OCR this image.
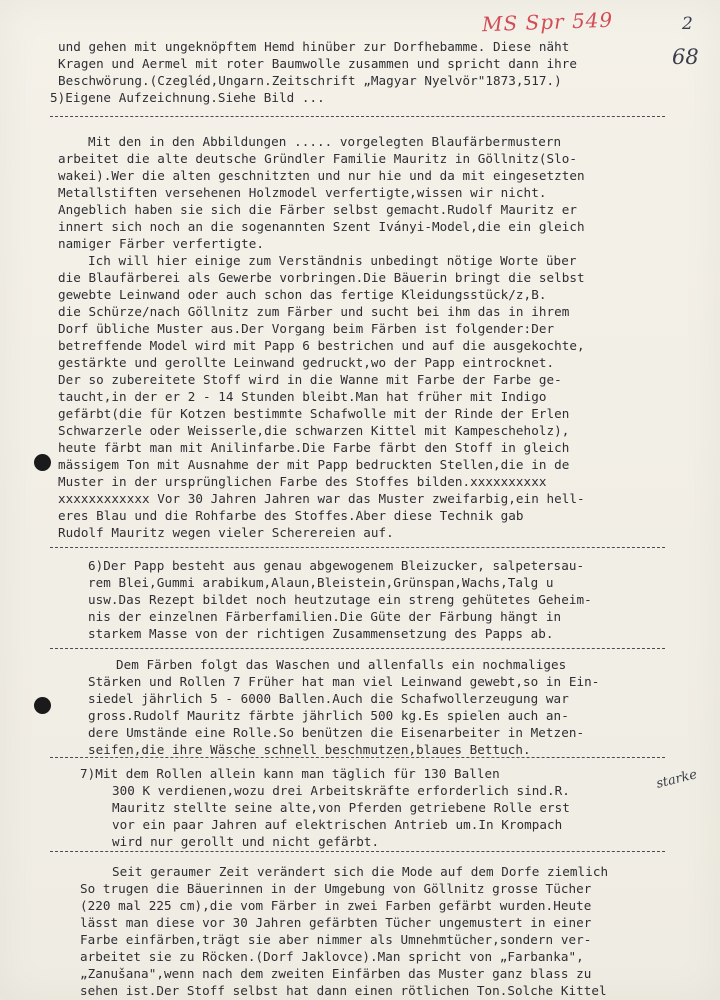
MS Spr 549	2
68
starke
und gehen mit ungeknöpftem Hemd hinüber zur Dorfhebamme. Diese näht
Kragen und Aermel mit roter Baumwolle zusammen und spricht dann ihre
Beschwörung.(Czegléd,Ungarn.Zeitschrift „Magyar Nyelvör"1873,517.)
5)Eigene Aufzeichnung.Siehe Bild ...
Mit den in den Abbildungen ..... vorgelegten Blaufärbermustern
arbeitet die alte deutsche Gründler Familie Mauritz in Göllnitz(Slo-
wakei).Wer die alten geschnitzten und nur hie und da mit eingesetzten
Metallstiften versehenen Holzmodel verfertigte,wissen wir nicht.
Angeblich haben sie sich die Färber selbst gemacht.Rudolf Mauritz er
innert sich noch an die sogenannten Szent Iványi-Model,die ein gleich
namiger Färber verfertigte.
Ich will hier einige zum Verständnis unbedingt nötige Worte über
die Blaufärberei als Gewerbe vorbringen.Die Bäuerin bringt die selbst
gewebte Leinwand oder auch schon das fertige Kleidungsstück/z,B.
die Schürze/nach Göllnitz zum Färber und sucht bei ihm das in ihrem
Dorf übliche Muster aus.Der Vorgang beim Färben ist folgender:Der
betreffende Model wird mit Papp 6 bestrichen und auf die ausgekochte,
gestärkte und gerollte Leinwand gedruckt,wo der Papp eintrocknet.
Der so zubereitete Stoff wird in die Wanne mit Farbe der Farbe ge-
taucht,in der er 2 - 14 Stunden bleibt.Man hat früher mit Indigo
gefärbt(die für Kotzen bestimmte Schafwolle mit der Rinde der Erlen
Schwarzerle oder Weisserle,die schwarzen Kittel mit Kampescheholz),
heute färbt man mit Anilinfarbe.Die Farbe färbt den Stoff in gleich
mässigem Ton mit Ausnahme der mit Papp bedruckten Stellen,die in de
Muster in der ursprünglichen Farbe des Stoffes bilden.xxxxxxxxxx
xxxxxxxxxxxx Vor 30 Jahren Jahren war das Muster zweifarbig,ein hell-
eres Blau und die Rohfarbe des Stoffes.Aber diese Technik gab
Rudolf Mauritz wegen vieler Scherereien auf.
6)Der Papp besteht aus genau abgewogenem Bleizucker, salpetersau-
rem Blei,Gummi arabikum,Alaun,Bleistein,Grünspan,Wachs,Talg u
usw.Das Rezept bildet noch heutzutage ein streng gehütetes Geheim-
nis der einzelnen Färberfamilien.Die Güte der Färbung hängt in
starkem Masse von der richtigen Zusammensetzung des Papps ab.
Dem Färben folgt das Waschen und allenfalls ein nochmaliges
Stärken und Rollen 7 Früher hat man viel Leinwand gewebt,so in Ein-
siedel jährlich 5 - 6000 Ballen.Auch die Schafwollerzeugung war
gross.Rudolf Mauritz färbte jährlich 500 kg.Es spielen auch an-
dere Umstände eine Rolle.So benützen die Eisenarbeiter in Metzen-
seifen,die ihre Wäsche schnell beschmutzen,blaues Bettuch.
7)Mit dem Rollen allein kann man täglich für 130 Ballen
300 K verdienen,wozu drei Arbeitskräfte erforderlich sind.R.
Mauritz stellte seine alte,von Pferden getriebene Rolle erst
vor ein paar Jahren auf elektrischen Antrieb um.In Krompach
wird nur gerollt und nicht gefärbt.
Seit geraumer Zeit verändert sich die Mode auf dem Dorfe ziemlich
So trugen die Bäuerinnen in der Umgebung von Göllnitz grosse Tücher
(220 mal 225 cm),die vom Färber in zwei Farben gefärbt wurden.Heute
lässt man diese vor 30 Jahren gefärbten Tücher ungemustert in einer
Farbe einfärben,trägt sie aber nimmer als Umnehmtücher,sondern ver-
arbeitet sie zu Röcken.(Dorf Jaklovce).Man spricht von „Farbanka",
„Zanušana",wenn nach dem zweiten Einfärben das Muster ganz blass zu
sehen ist.Der Stoff selbst hat dann einen rötlichen Ton.Solche Kittel
